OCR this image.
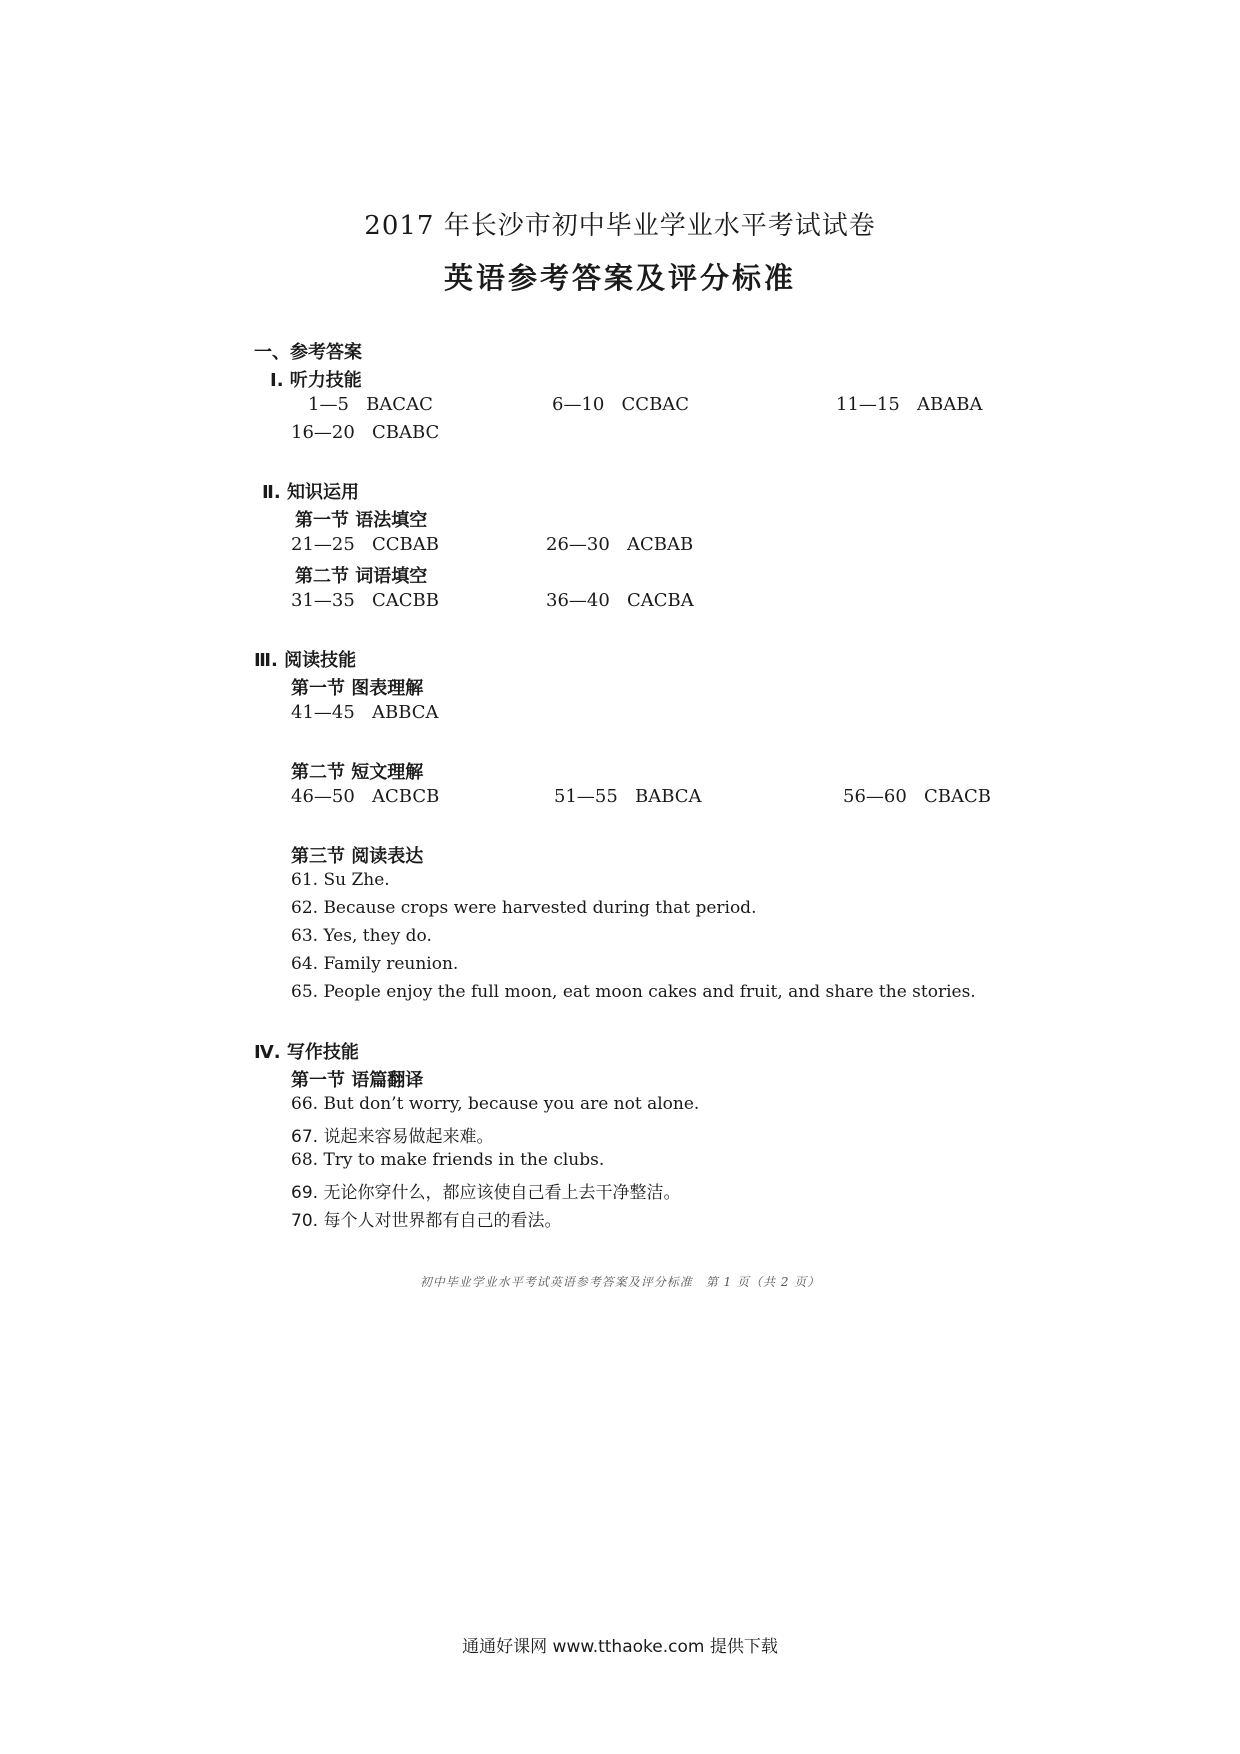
2017 年长沙市初中毕业学业水平考试试卷
英语参考答案及评分标准
一、参考答案
Ⅰ. 听力技能
1—5 BACAC	6—10 CCBAC	11—15 ABABA
16—20 CBABC
Ⅱ. 知识运用
第一节 语法填空
21—25 CCBAB	26—30 ACBAB
第二节 词语填空
31—35 CACBB	36—40 CACBA
Ⅲ. 阅读技能
第一节 图表理解
41—45 ABBCA
第二节 短文理解
46—50 ACBCB	51—55 BABCA	56—60 CBACB
第三节 阅读表达
61. Su Zhe.
62. Because crops were harvested during that period.
63. Yes, they do.
64. Family reunion.
65. People enjoy the full moon, eat moon cakes and fruit, and share the stories.
Ⅳ. 写作技能
第一节 语篇翻译
66. But don’t worry, because you are not alone.
67. 说起来容易做起来难。
68. Try to make friends in the clubs.
69. 无论你穿什么，都应该使自己看上去干净整洁。
70. 每个人对世界都有自己的看法。
初中毕业学业水平考试英语参考答案及评分标准　第 1 页（共 2 页）
通通好课网 www.tthaoke.com 提供下载
